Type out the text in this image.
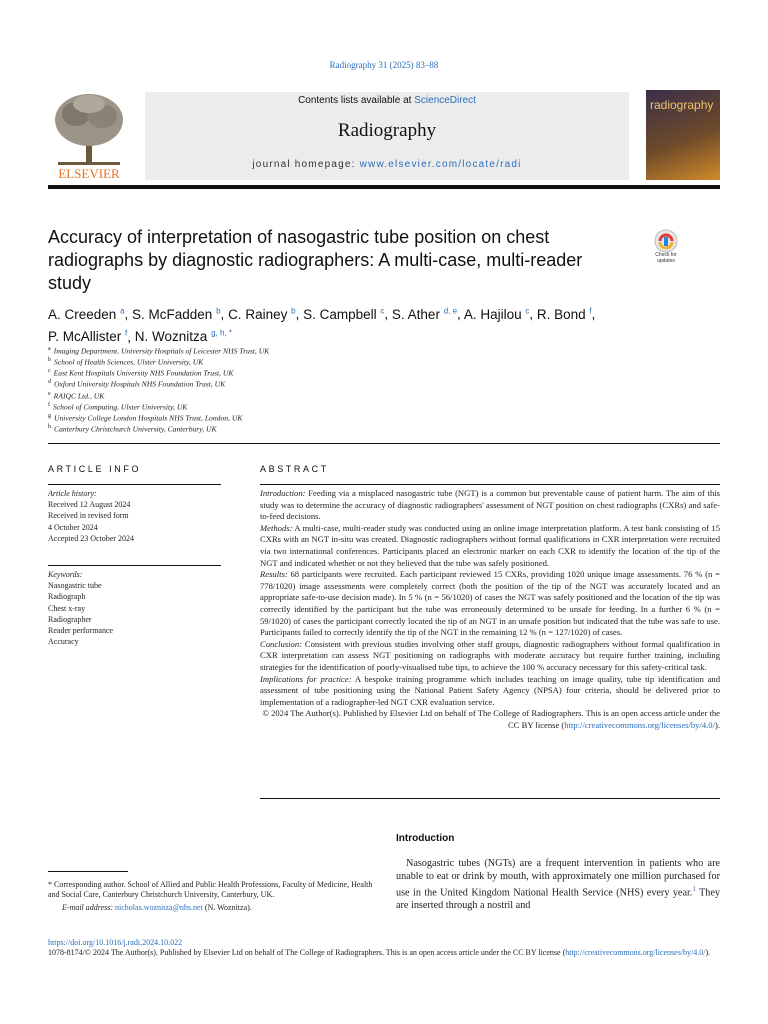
Radiography 31 (2025) 83–88
ELSEVIER
Contents lists available at ScienceDirect
Radiography
journal homepage: www.elsevier.com/locate/radi
radiography
Accuracy of interpretation of nasogastric tube position on chest radiographs by diagnostic radiographers: A multi-case, multi-reader study
Check for updates
A. Creeden $^a$, S. McFadden $^b$, C. Rainey $^b$, S. Campbell $^c$, S. Ather $^{d, e}$, A. Hajilou $^c$, R. Bond $^f$,
P. McAllister $^f$, N. Woznitza $^{g, h, *}$
$^a$ Imaging Department, University Hospitals of Leicester NHS Trust, UK
$^b$ School of Health Sciences, Ulster University, UK
$^c$ East Kent Hospitals University NHS Foundation Trust, UK
$^d$ Oxford University Hospitals NHS Foundation Trust, UK
$^e$ RAIQC Ltd., UK
$^f$ School of Computing, Ulster University, UK
$^g$ University College London Hospitals NHS Trust, London, UK
$^h$ Canterbury Christchurch University, Canterbury, UK
ARTICLE INFO	ABSTRACT
Article history:
Received 12 August 2024
Received in revised form
4 October 2024
Accepted 23 October 2024
Keywords:
Nasogastric tube
Radiograph
Chest x-ray
Radiographer
Reader performance
Accuracy

Introduction: Feeding via a misplaced nasogastric tube (NGT) is a common but preventable cause of patient harm. The aim of this study was to determine the accuracy of diagnostic radiographers' assessment of NGT position on chest radiographs (CXRs) and safe-to-feed decisions.

Methods: A multi-case, multi-reader study was conducted using an online image interpretation platform. A test bank consisting of 15 CXRs with an NGT in-situ was created. Diagnostic radiographers without formal qualifications in CXR interpretation were recruited via two international conferences. Participants placed an electronic marker on each CXR to identify the location of the tip of the NGT and indicated whether or not they believed that the tube was safely positioned.

Results: 68 participants were recruited. Each participant reviewed 15 CXRs, providing 1020 unique image assessments. 76 % (n = 778/1020) image assessments were completely correct (both the position of the tip of the NGT was accurately located and an appropriate safe-to-use decision made). In 5 % (n = 56/1020) of cases the NGT was safely positioned and the location of the tip was correctly identified by the participant but the tube was erroneously determined to be unsafe for feeding. In a further 6 % (n = 59/1020) of cases the participant correctly located the tip of an NGT in an unsafe position but indicated that the tube was safe to use. Participants failed to correctly identify the tip of the NGT in the remaining 12 % (n = 127/1020) of cases.

Conclusion: Consistent with previous studies involving other staff groups, diagnostic radiographers without formal qualification in CXR interpretation can assess NGT positioning on radiographs with moderate accuracy but require further training, including strategies for the identification of poorly-visualised tube tips, to achieve the 100 % accuracy necessary for this safety-critical task.

Implications for practice: A bespoke training programme which includes teaching on image quality, tube tip identification and assessment of tube positioning using the National Patient Safety Agency (NPSA) four criteria, should be delivered prior to implementation of a radiographer-led NGT CXR evaluation service.

© 2024 The Author(s). Published by Elsevier Ltd on behalf of The College of Radiographers. This is an open access article under the CC BY license (http://creativecommons.org/licenses/by/4.0/).

Introduction
Nasogastric tubes (NGTs) are a frequent intervention in patients who are unable to eat or drink by mouth, with approximately one million purchased for use in the United Kingdom National Health Service (NHS) every year.$^1$ They are inserted through a nostril and
* Corresponding author. School of Allied and Public Health Professions, Faculty of Medicine, Health and Social Care, Canterbury Christchurch University, Canterbury, UK.
E-mail address: nicholas.woznitza@nhs.net (N. Woznitza).
https://doi.org/10.1016/j.radi.2024.10.022
1078-8174/© 2024 The Author(s). Published by Elsevier Ltd on behalf of The College of Radiographers. This is an open access article under the CC BY license (http://creativecommons.org/licenses/by/4.0/).
